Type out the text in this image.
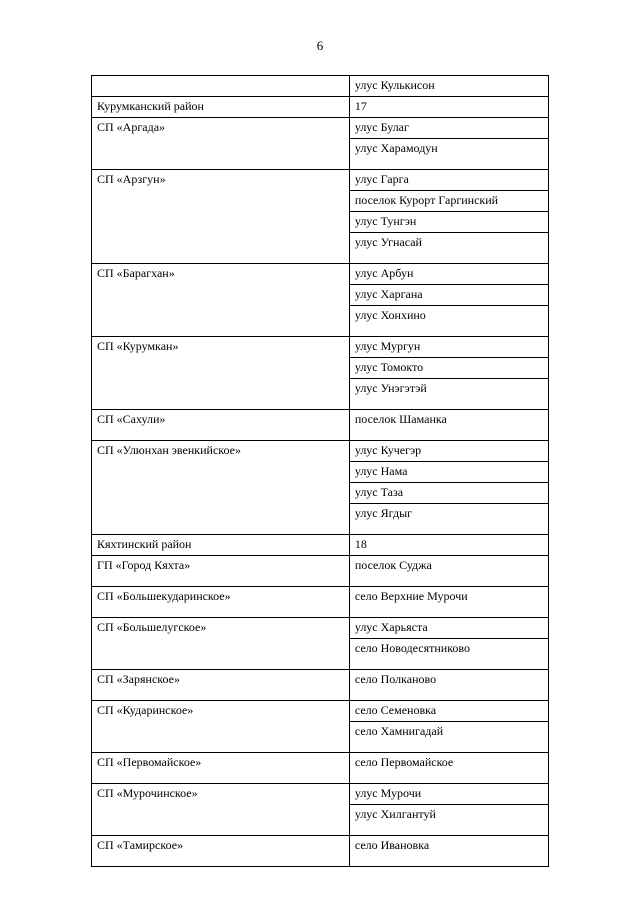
6
	улус Кулькисон
Курумканский район	17
СП «Аргада»	улус Булаг
	улус Харамодун
СП «Арзгун»	улус Гарга
	поселок Курорт Гаргинский
	улус Тунгэн
	улус Угнасай
СП «Барагхан»	улус Арбун
	улус Харгана
	улус Хонхино
СП «Курумкан»	улус Мургун
	улус Томокто
	улус Унэгэтэй
СП «Сахули»	поселок Шаманка
СП «Улюнхан эвенкийское»	улус Кучегэр
	улус Нама
	улус Таза
	улус Ягдыг
Кяхтинский район	18
ГП «Город Кяхта»	поселок Суджа
СП «Большекударинское»	село Верхние Мурочи
СП «Большелугское»	улус Харьяста
	село Новодесятниково
СП «Зарянское»	село Полканово
СП «Кударинское»	село Семеновка
	село Хамнигадай
СП «Первомайское»	село Первомайское
СП «Мурочинское»	улус Мурочи
	улус Хилгантуй
СП «Тамирское»	село Ивановка
